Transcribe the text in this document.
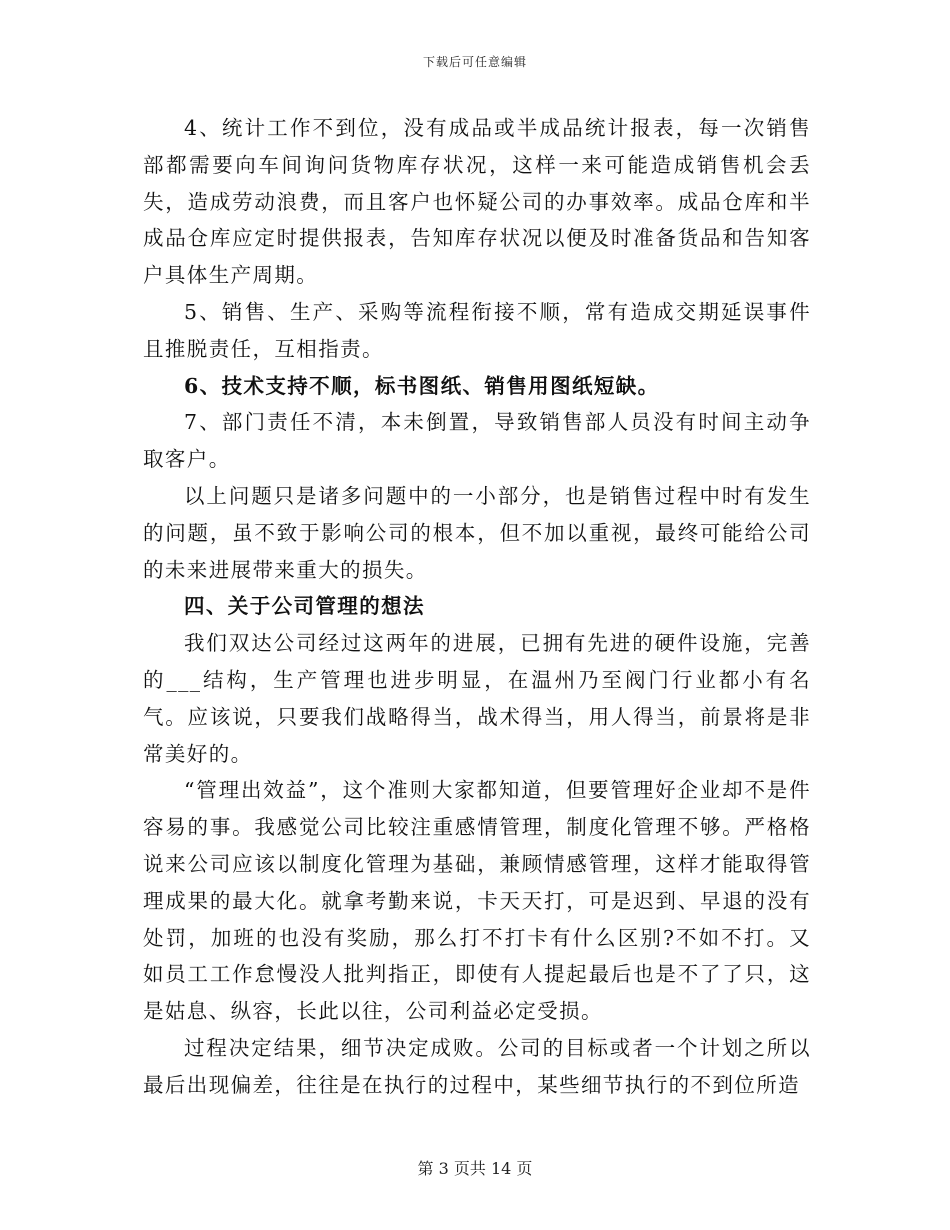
下载后可任意编辑

4、统计工作不到位，没有成品或半成品统计报表，每一次销售部都需要向车间询问货物库存状况，这样一来可能造成销售机会丢失，造成劳动浪费，而且客户也怀疑公司的办事效率。成品仓库和半成品仓库应定时提供报表，告知库存状况以便及时准备货品和告知客户具体生产周期。

5、销售、生产、采购等流程衔接不顺，常有造成交期延误事件且推脱责任，互相指责。

6、技术支持不顺，标书图纸、销售用图纸短缺。

7、部门责任不清，本未倒置，导致销售部人员没有时间主动争取客户。

以上问题只是诸多问题中的一小部分，也是销售过程中时有发生的问题，虽不致于影响公司的根本，但不加以重视，最终可能给公司的未来进展带来重大的损失。

四、关于公司管理的想法

我们双达公司经过这两年的进展，已拥有先进的硬件设施，完善的___结构，生产管理也进步明显，在温州乃至阀门行业都小有名气。应该说，只要我们战略得当，战术得当，用人得当，前景将是非常美好的。

“管理出效益”，这个准则大家都知道，但要管理好企业却不是件容易的事。我感觉公司比较注重感情管理，制度化管理不够。严格格说来公司应该以制度化管理为基础，兼顾情感管理，这样才能取得管理成果的最大化。就拿考勤来说，卡天天打，可是迟到、早退的没有处罚，加班的也没有奖励，那么打不打卡有什么区别?不如不打。又如员工工作怠慢没人批判指正，即使有人提起最后也是不了了只，这是姑息、纵容，长此以往，公司利益必定受损。

过程决定结果，细节决定成败。公司的目标或者一个计划之所以最后出现偏差，往往是在执行的过程中，某些细节执行的不到位所造

第 3 页共 14 页
